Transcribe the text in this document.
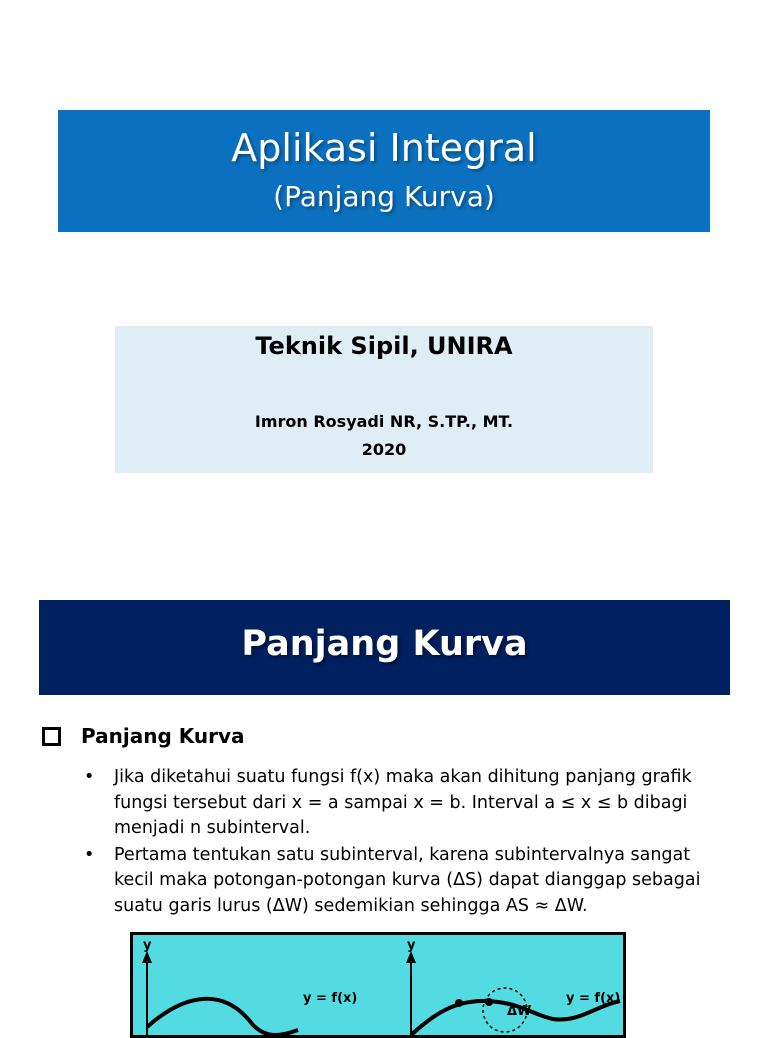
Aplikasi Integral
(Panjang Kurva)
Teknik Sipil, UNIRA
Imron Rosyadi NR, S.TP., MT.
2020
Panjang Kurva
Panjang Kurva
• Jika diketahui suatu fungsi f(x) maka akan dihitung panjang grafik fungsi tersebut dari x = a sampai x = b. Interval a ≤ x ≤ b dibagi menjadi n subinterval.
• Pertama tentukan satu subinterval, karena subintervalnya sangat kecil maka potongan-potongan kurva (ΔS) dapat dianggap sebagai suatu garis lurus (ΔW) sedemikian sehingga AS ≈ ΔW.
y
y = f(x)
y
ΔW
y = f(x)
